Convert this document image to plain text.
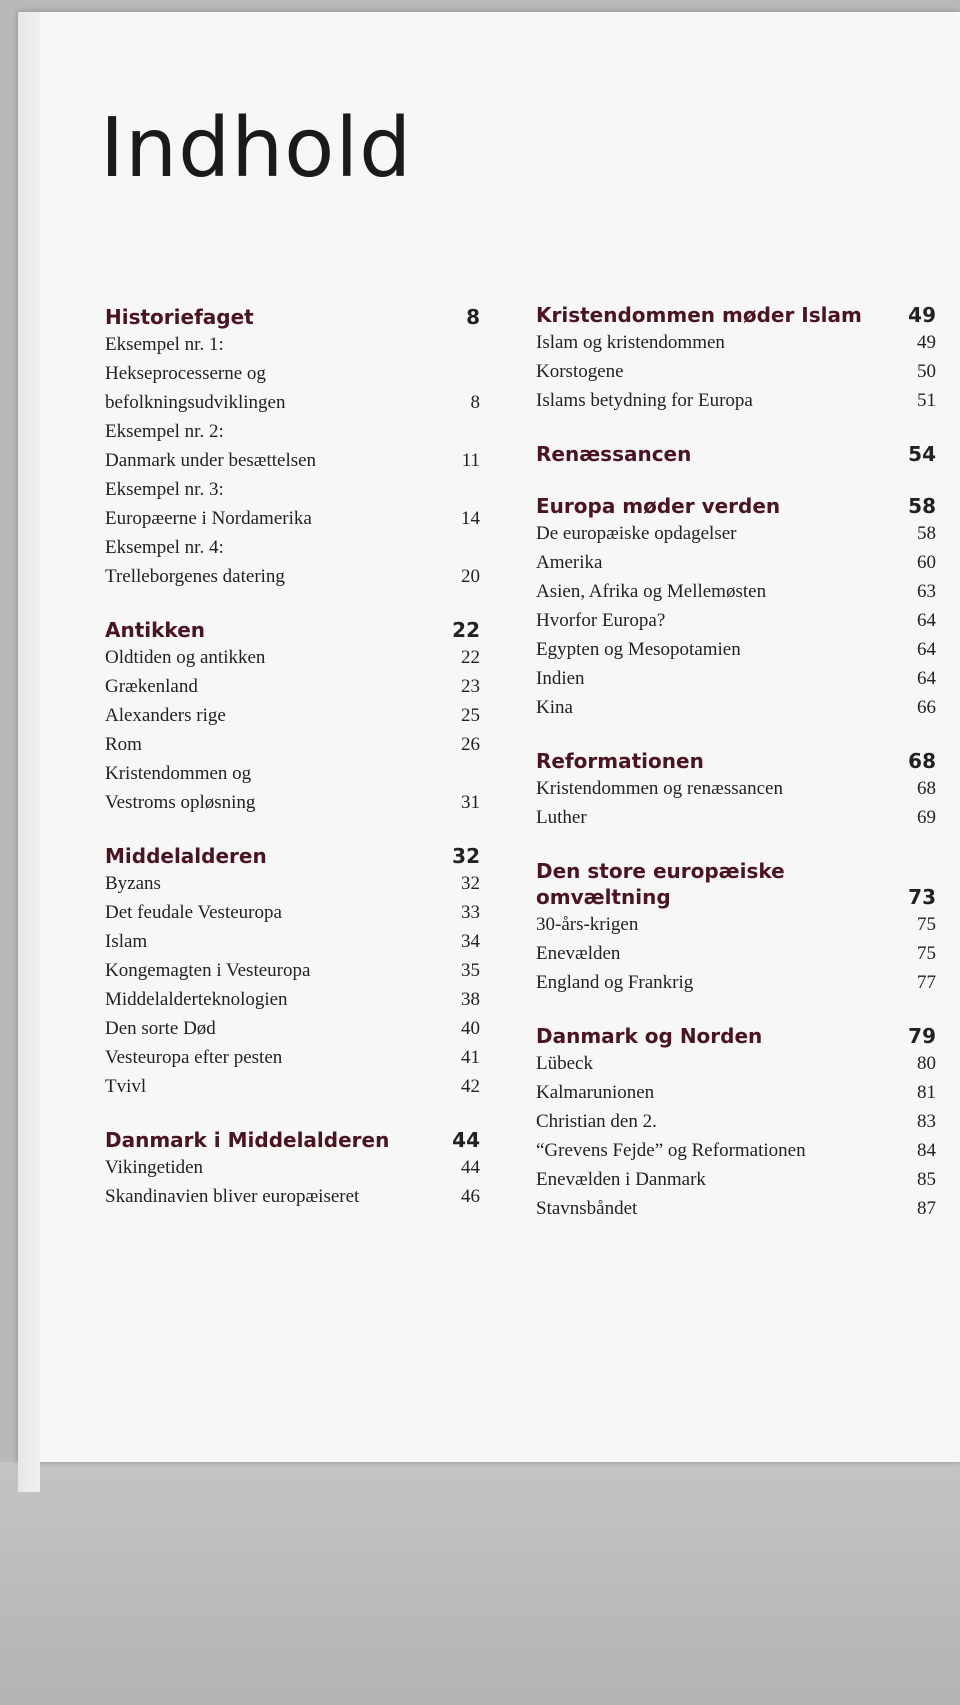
Indhold
Historiefaget	8
Eksempel nr. 1:
Hekseprocesserne og
befolkningsudviklingen	8
Eksempel nr. 2:
Danmark under besættelsen	11
Eksempel nr. 3:
Europæerne i Nordamerika	14
Eksempel nr. 4:
Trelleborgenes datering	20
Antikken	22
Oldtiden og antikken	22
Grækenland	23
Alexanders rige	25
Rom	26
Kristendommen og
Vestroms opløsning	31
Middelalderen	32
Byzans	32
Det feudale Vesteuropa	33
Islam	34
Kongemagten i Vesteuropa	35
Middelalderteknologien	38
Den sorte Død	40
Vesteuropa efter pesten	41
Tvivl	42
Danmark i Middelalderen	44
Vikingetiden	44
Skandinavien bliver europæiseret	46
Kristendommen møder Islam 49
Islam og kristendommen	49
Korstogene	50
Islams betydning for Europa	51
Renæssancen	54
Europa møder verden	58
De europæiske opdagelser	58
Amerika	60
Asien, Afrika og Mellemøsten	63
Hvorfor Europa?	64
Egypten og Mesopotamien	64
Indien	64
Kina	66
Reformationen	68
Kristendommen og renæssancen	68
Luther	69
Den store europæiske
omvæltning	73
30-års-krigen	75
Enevælden	75
England og Frankrig	77
Danmark og Norden	79
Lübeck	80
Kalmarunionen	81
Christian den 2.	83
“Grevens Fejde” og Reformationen	84
Enevælden i Danmark	85
Stavnsbåndet	87
